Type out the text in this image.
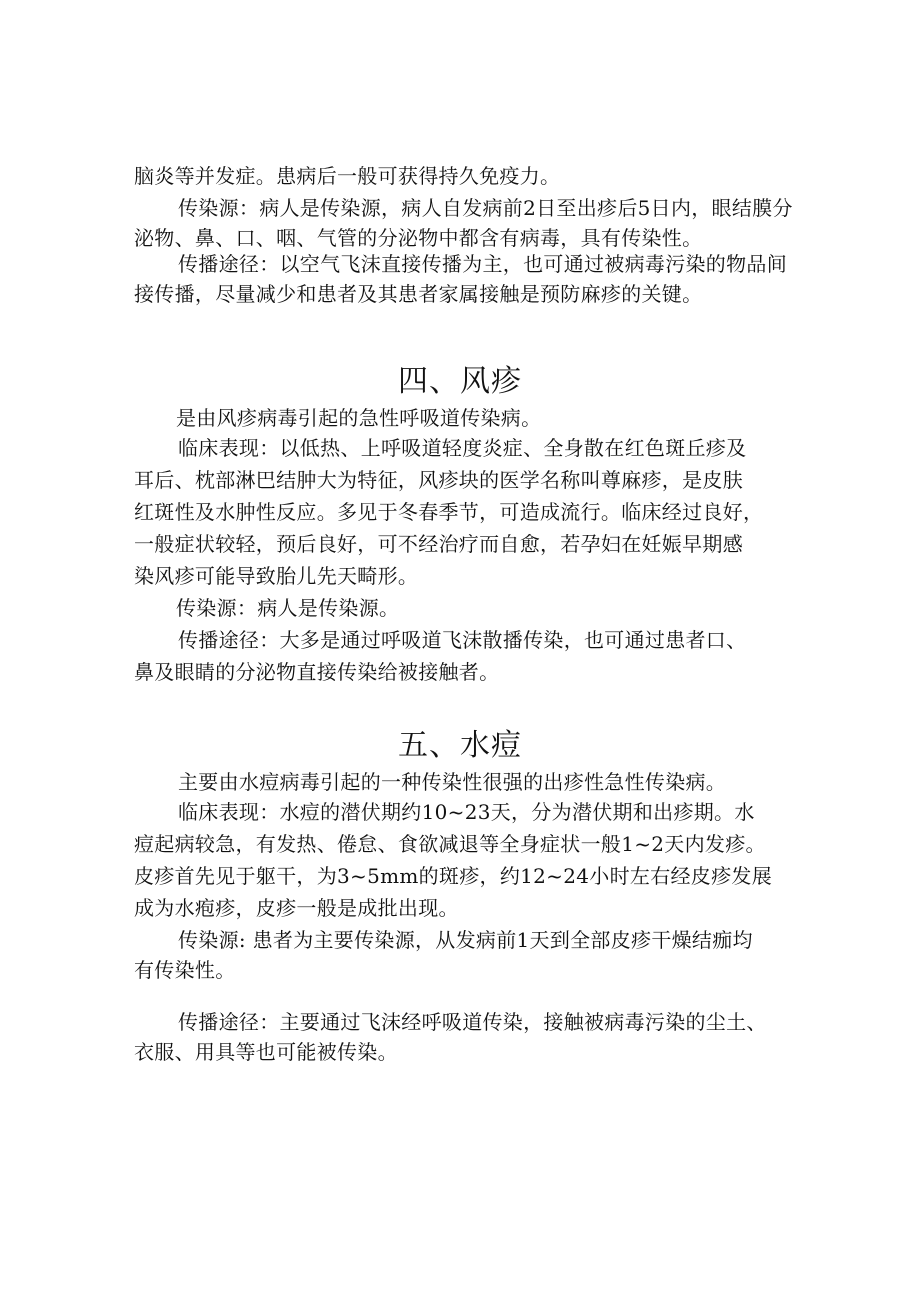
脑炎等并发症。患病后一般可获得持久免疫力。
传染源：病人是传染源，病人自发病前2日至出疹后5日内，眼结膜分
泌物、鼻、口、咽、气管的分泌物中都含有病毒，具有传染性。
传播途径：以空气飞沫直接传播为主，也可通过被病毒污染的物品间
接传播，尽量减少和患者及其患者家属接触是预防麻疹的关键。
四、风疹
是由风疹病毒引起的急性呼吸道传染病。
临床表现：以低热、上呼吸道轻度炎症、全身散在红色斑丘疹及
耳后、枕部淋巴结肿大为特征，风疹块的医学名称叫尊麻疹，是皮肤
红斑性及水肿性反应。多见于冬春季节，可造成流行。临床经过良好，
一般症状较轻，预后良好，可不经治疗而自愈，若孕妇在妊娠早期感
染风疹可能导致胎儿先天畸形。
传染源：病人是传染源。
传播途径：大多是通过呼吸道飞沫散播传染，也可通过患者口、
鼻及眼睛的分泌物直接传染给被接触者。
五、水痘
主要由水痘病毒引起的一种传染性很强的出疹性急性传染病。
临床表现：水痘的潜伏期约10~23天，分为潜伏期和出疹期。水
痘起病较急，有发热、倦怠、食欲减退等全身症状一般1~2天内发疹。
皮疹首先见于躯干，为3~5mm的斑疹，约12~24小时左右经皮疹发展
成为水疱疹，皮疹一般是成批出现。
传染源: 患者为主要传染源，从发病前1天到全部皮疹干燥结痂均
有传染性。
传播途径：主要通过飞沫经呼吸道传染，接触被病毒污染的尘土、
衣服、用具等也可能被传染。
